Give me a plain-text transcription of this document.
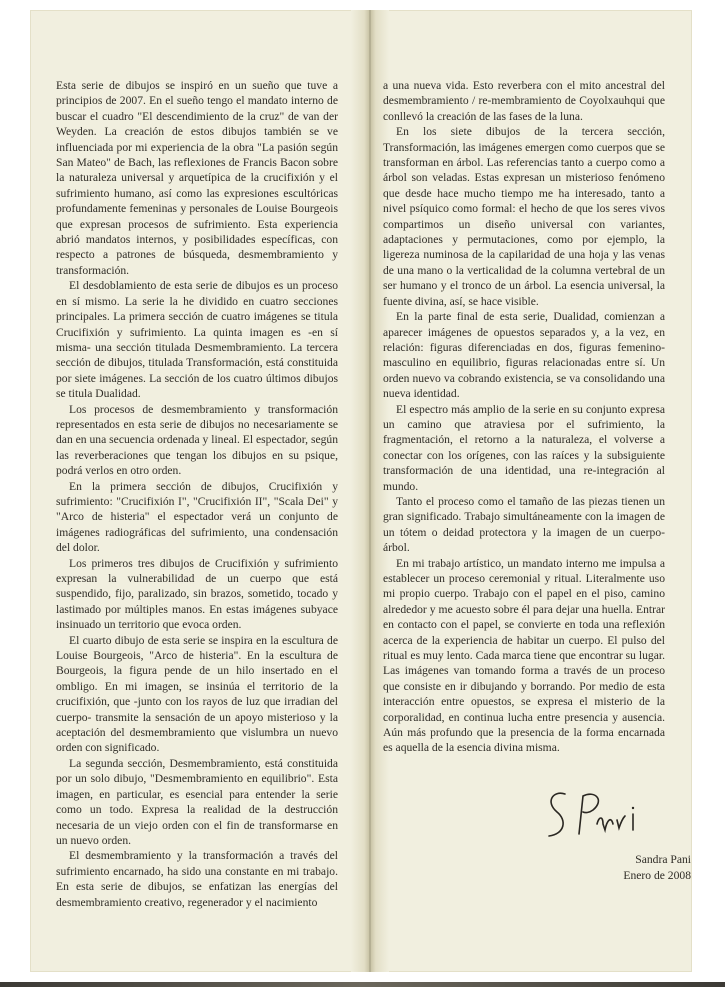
Esta serie de dibujos se inspiró en un sueño que tuve a principios de 2007. En el sueño tengo el mandato interno de buscar el cuadro "El descendimiento de la cruz" de van der Weyden. La creación de estos dibujos también se ve influenciada por mi experiencia de la obra "La pasión según San Mateo" de Bach, las reflexiones de Francis Bacon sobre la naturaleza universal y arquetípica de la crucifixión y el sufrimiento humano, así como las expresiones escultóricas profundamente femeninas y personales de Louise Bourgeois que expresan procesos de sufrimiento. Esta experiencia abrió mandatos internos, y posibilidades específicas, con respecto a patrones de búsqueda, desmembramiento y transformación.

El desdoblamiento de esta serie de dibujos es un proceso en sí mismo. La serie la he dividido en cuatro secciones principales. La primera sección de cuatro imágenes se titula Crucifixión y sufrimiento. La quinta imagen es -en sí misma- una sección titulada Desmembramiento. La tercera sección de dibujos, titulada Transformación, está constituida por siete imágenes. La sección de los cuatro últimos dibujos se titula Dualidad.

Los procesos de desmembramiento y transformación representados en esta serie de dibujos no necesariamente se dan en una secuencia ordenada y lineal. El espectador, según las reverberaciones que tengan los dibujos en su psique, podrá verlos en otro orden.

En la primera sección de dibujos, Crucifixión y sufrimiento: "Crucifixión I", "Crucifixión II", "Scala Dei" y "Arco de histeria" el espectador verá un conjunto de imágenes radiográficas del sufrimiento, una condensación del dolor.

Los primeros tres dibujos de Crucifixión y sufrimiento expresan la vulnerabilidad de un cuerpo que está suspendido, fijo, paralizado, sin brazos, sometido, tocado y lastimado por múltiples manos. En estas imágenes subyace insinuado un territorio que evoca orden.

El cuarto dibujo de esta serie se inspira en la escultura de Louise Bourgeois, "Arco de histeria". En la escultura de Bourgeois, la figura pende de un hilo insertado en el ombligo. En mi imagen, se insinúa el territorio de la crucifixión, que -junto con los rayos de luz que irradian del cuerpo- transmite la sensación de un apoyo misterioso y la aceptación del desmembramiento que vislumbra un nuevo orden con significado.

La segunda sección, Desmembramiento, está constituida por un solo dibujo, "Desmembramiento en equilibrio". Esta imagen, en particular, es esencial para entender la serie como un todo. Expresa la realidad de la destrucción necesaria de un viejo orden con el fin de transformarse en un nuevo orden.

El desmembramiento y la transformación a través del sufrimiento encarnado, ha sido una constante en mi trabajo. En esta serie de dibujos, se enfatizan las energías del desmembramiento creativo, regenerador y el nacimiento

a una nueva vida. Esto reverbera con el mito ancestral del desmembramiento / re-membramiento de Coyolxauhqui que conllevó la creación de las fases de la luna.

En los siete dibujos de la tercera sección, Transformación, las imágenes emergen como cuerpos que se transforman en árbol. Las referencias tanto a cuerpo como a árbol son veladas. Estas expresan un misterioso fenómeno que desde hace mucho tiempo me ha interesado, tanto a nivel psíquico como formal: el hecho de que los seres vivos compartimos un diseño universal con variantes, adaptaciones y permutaciones, como por ejemplo, la ligereza numinosa de la capilaridad de una hoja y las venas de una mano o la verticalidad de la columna vertebral de un ser humano y el tronco de un árbol. La esencia universal, la fuente divina, así, se hace visible.

En la parte final de esta serie, Dualidad, comienzan a aparecer imágenes de opuestos separados y, a la vez, en relación: figuras diferenciadas en dos, figuras femenino-masculino en equilibrio, figuras relacionadas entre sí. Un orden nuevo va cobrando existencia, se va consolidando una nueva identidad.

El espectro más amplio de la serie en su conjunto expresa un camino que atraviesa por el sufrimiento, la fragmentación, el retorno a la naturaleza, el volverse a conectar con los orígenes, con las raíces y la subsiguiente transformación de una identidad, una re-integración al mundo.

Tanto el proceso como el tamaño de las piezas tienen un gran significado. Trabajo simultáneamente con la imagen de un tótem o deidad protectora y la imagen de un cuerpo-árbol.

En mi trabajo artístico, un mandato interno me impulsa a establecer un proceso ceremonial y ritual. Literalmente uso mi propio cuerpo. Trabajo con el papel en el piso, camino alrededor y me acuesto sobre él para dejar una huella. Entrar en contacto con el papel, se convierte en toda una reflexión acerca de la experiencia de habitar un cuerpo. El pulso del ritual es muy lento. Cada marca tiene que encontrar su lugar. Las imágenes van tomando forma a través de un proceso que consiste en ir dibujando y borrando. Por medio de esta interacción entre opuestos, se expresa el misterio de la corporalidad, en continua lucha entre presencia y ausencia. Aún más profundo que la presencia de la forma encarnada es aquella de la esencia divina misma.

Sandra Pani
Enero de 2008
